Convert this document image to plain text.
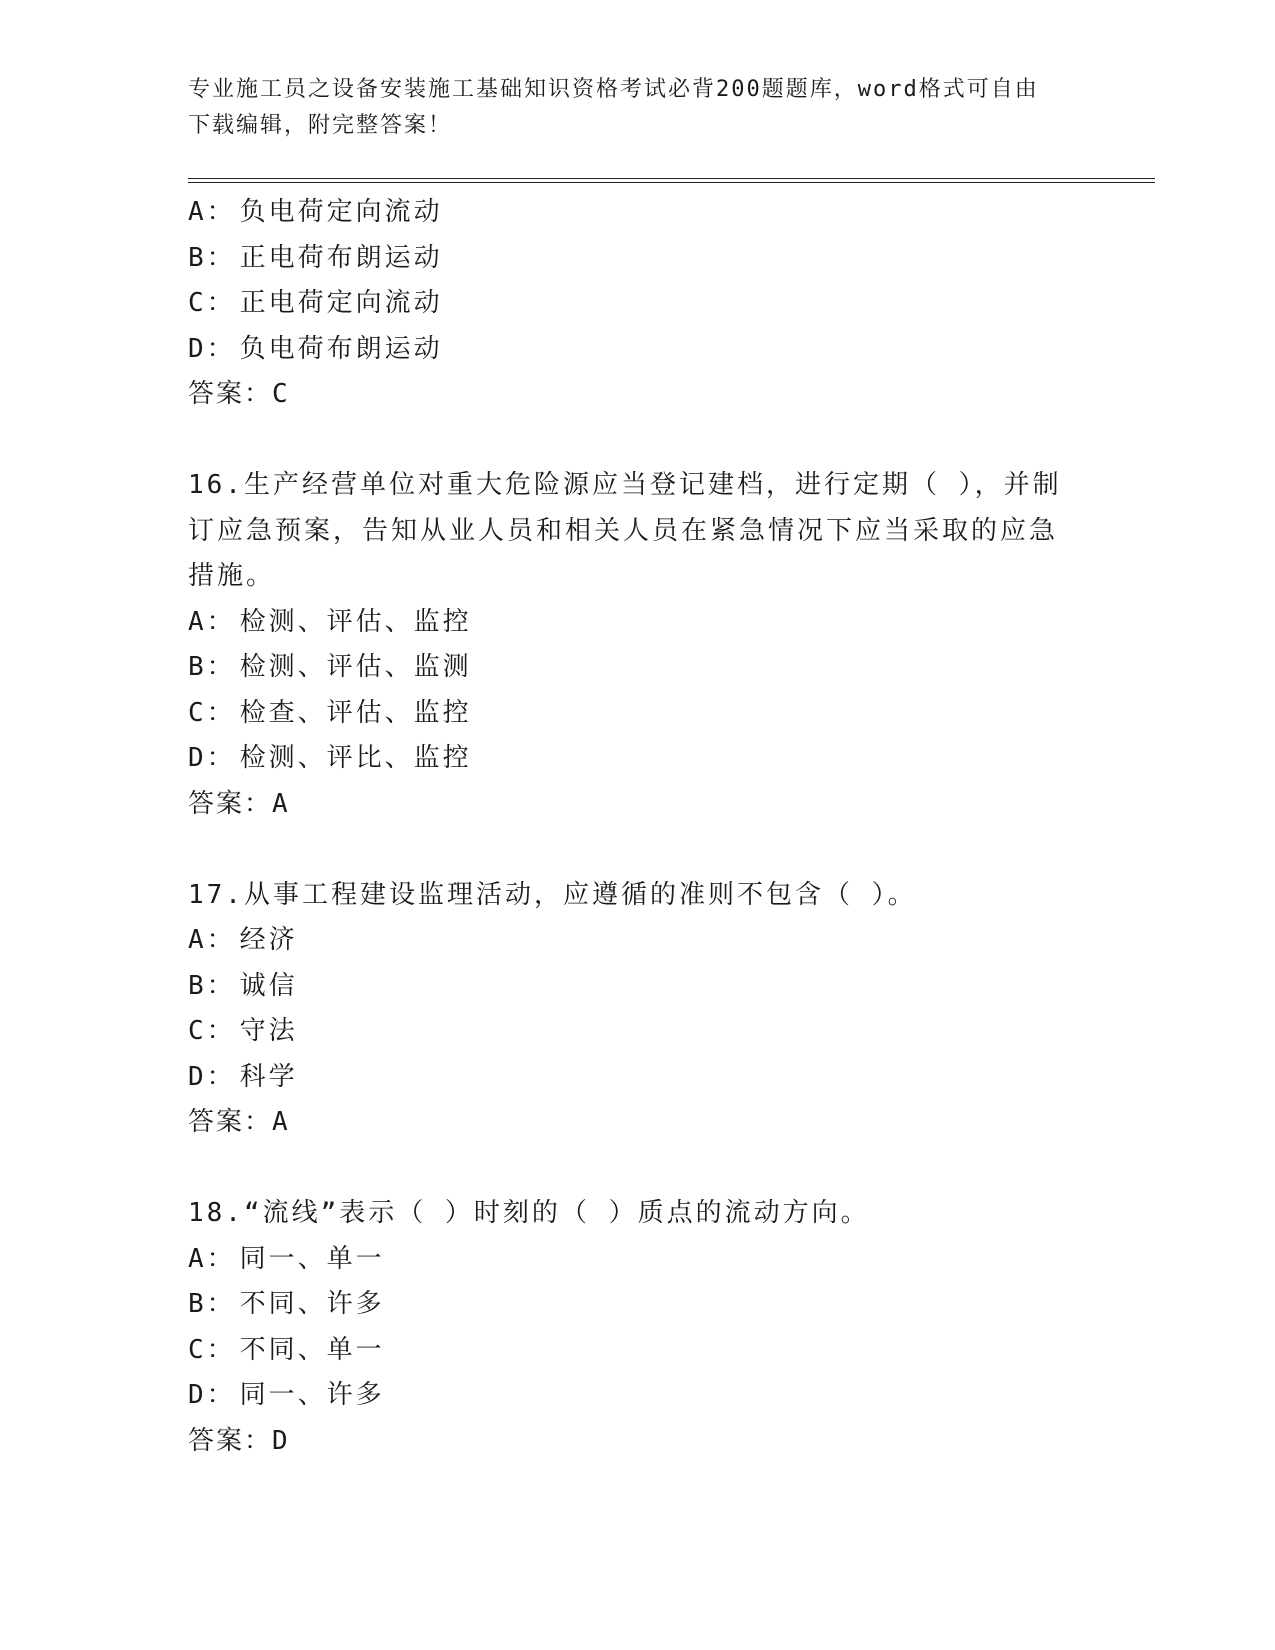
专业施工员之设备安装施工基础知识资格考试必背200题题库，word格式可自由
下载编辑，附完整答案！
A： 负电荷定向流动
B： 正电荷布朗运动
C： 正电荷定向流动
D： 负电荷布朗运动
答案：C
16.生产经营单位对重大危险源应当登记建档，进行定期（ ），并制
订应急预案，告知从业人员和相关人员在紧急情况下应当采取的应急
措施。
A： 检测、评估、监控
B： 检测、评估、监测
C： 检查、评估、监控
D： 检测、评比、监控
答案：A
17.从事工程建设监理活动，应遵循的准则不包含（ ）。
A： 经济
B： 诚信
C： 守法
D： 科学
答案：A
18.“流线”表示（ ）时刻的（ ）质点的流动方向。
A： 同一、单一
B： 不同、许多
C： 不同、单一
D： 同一、许多
答案：D
